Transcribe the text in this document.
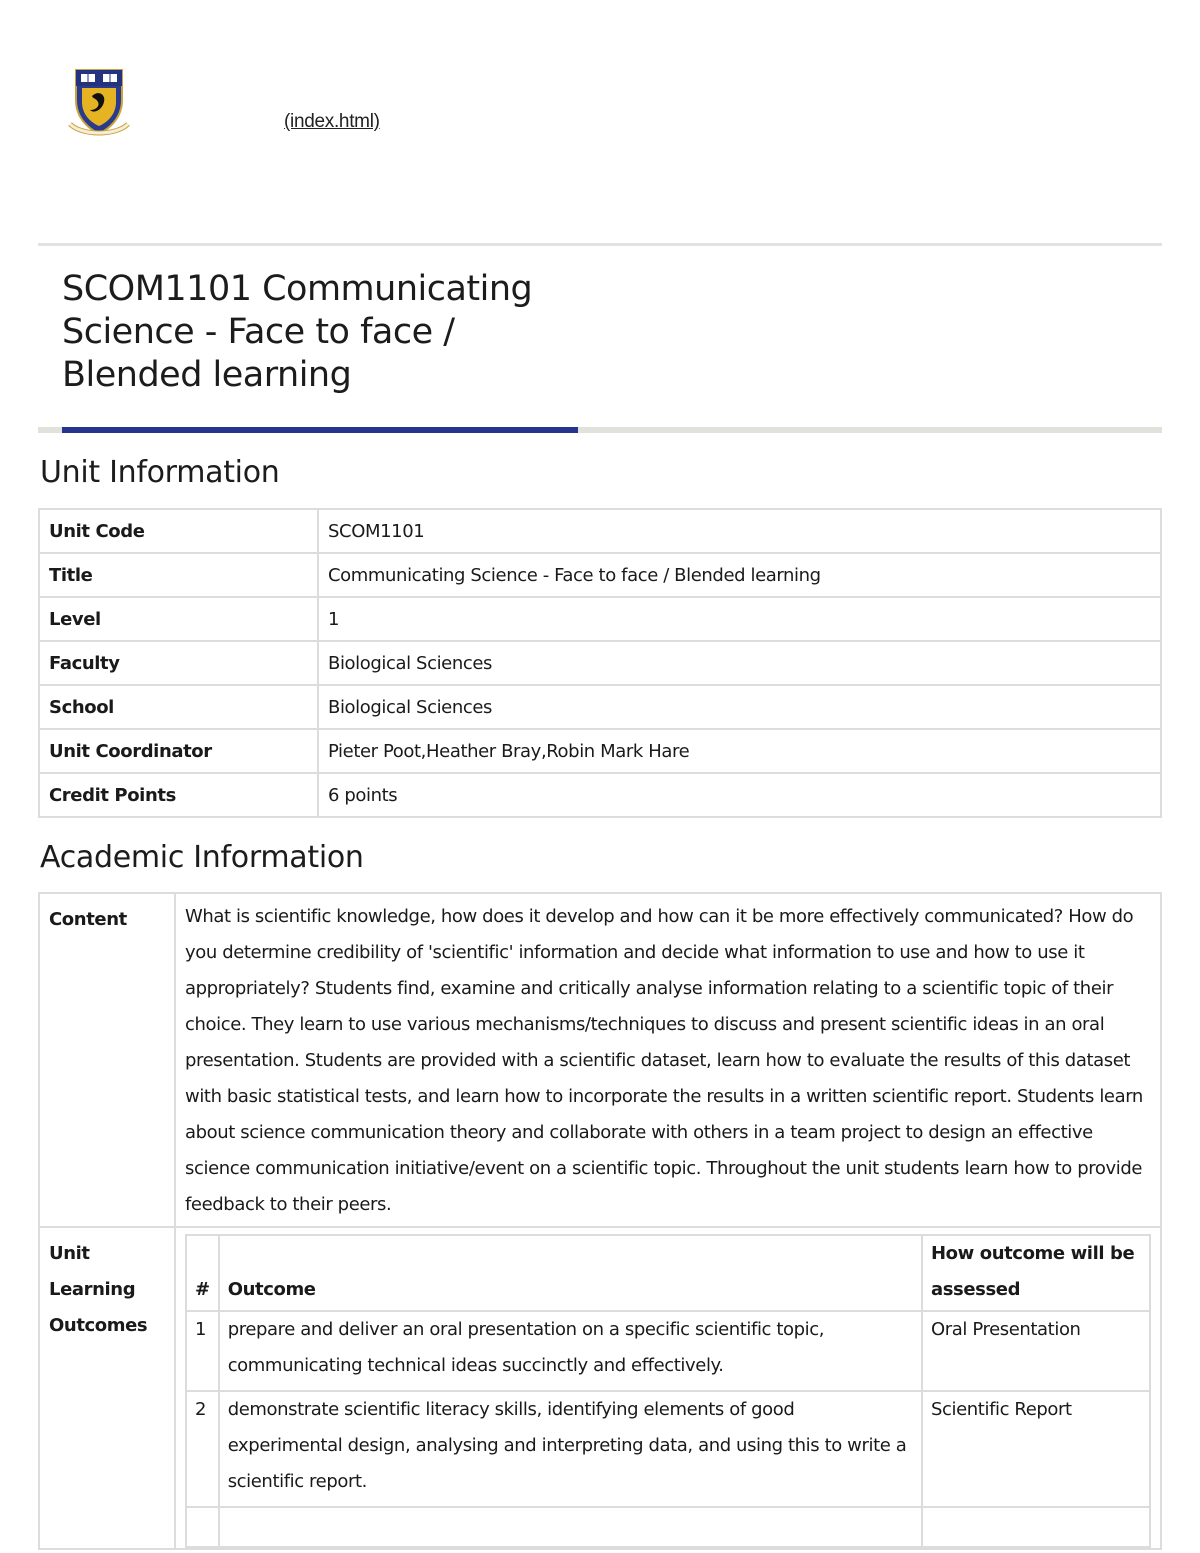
(index.html)
SCOM1101 Communicating Science - Face to face / Blended learning
Unit Information
Unit Code	SCOM1101
Title	Communicating Science - Face to face / Blended learning
Level	1
Faculty	Biological Sciences
School	Biological Sciences
Unit Coordinator	Pieter Poot,Heather Bray,Robin Mark Hare
Credit Points	6 points
Academic Information
Content	What is scientific knowledge, how does it develop and how can it be more effectively communicated? How do you determine credibility of 'scientific' information and decide what information to use and how to use it appropriately? Students find, examine and critically analyse information relating to a scientific topic of their choice. They learn to use various mechanisms/techniques to discuss and present scientific ideas in an oral presentation. Students are provided with a scientific dataset, learn how to evaluate the results of this dataset with basic statistical tests, and learn how to incorporate the results in a written scientific report. Students learn about science communication theory and collaborate with others in a team project to design an effective science communication initiative/event on a scientific topic. Throughout the unit students learn how to provide feedback to their peers.
Unit Learning Outcomes	
#	Outcome	How outcome will be assessed
1	prepare and deliver an oral presentation on a specific scientific topic, communicating technical ideas succinctly and effectively.	Oral Presentation
2	demonstrate scientific literacy skills, identifying elements of good experimental design, analysing and interpreting data, and using this to write a scientific report.	Scientific Report
